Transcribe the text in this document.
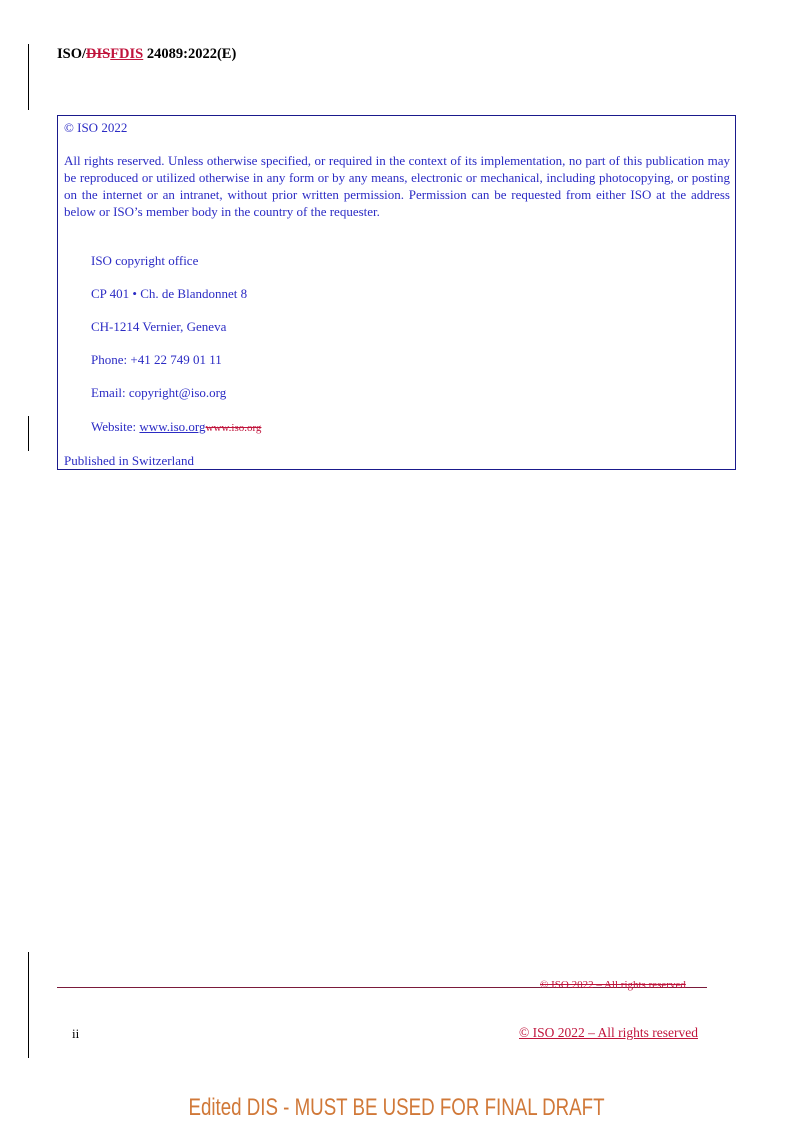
ISO/DISFDIS 24089:2022(E)

© ISO 2022

All rights reserved. Unless otherwise specified, or required in the context of its implementation, no part of this publication may be reproduced or utilized otherwise in any form or by any means, electronic or mechanical, including photocopying, or posting on the internet or an intranet, without prior written permission. Permission can be requested from either ISO at the address below or ISO’s member body in the country of the requester.

ISO copyright office

CP 401 • Ch. de Blandonnet 8

CH-1214 Vernier, Geneva

Phone: +41 22 749 01 11

Email: copyright@iso.org

Website: www.iso.orgwww.iso.org

Published in Switzerland

© ISO 2022 – All rights reserved
ii	© ISO 2022 – All rights reserved
Edited DIS - MUST BE USED FOR FINAL DRAFT
